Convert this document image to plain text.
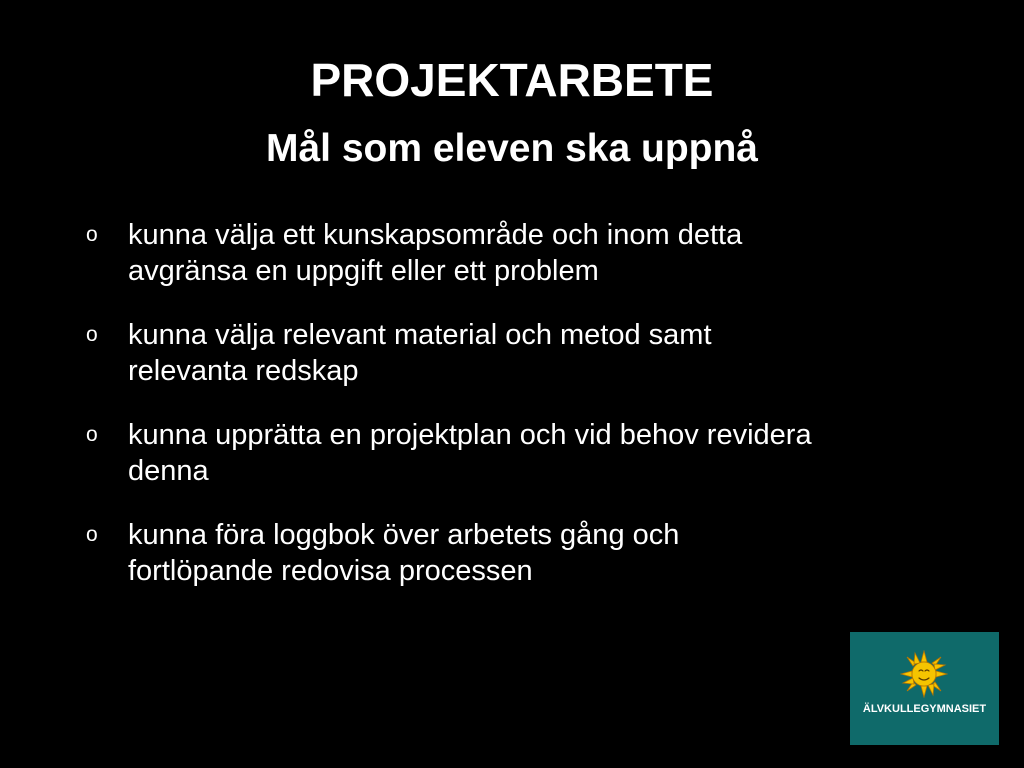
PROJEKTARBETE
Mål som eleven ska uppnå
o	kunna välja ett kunskapsområde och inom detta
avgränsa en uppgift eller ett problem
o	kunna välja relevant material och metod samt
relevanta redskap
o	kunna upprätta en projektplan och vid behov revidera
denna
o	kunna föra loggbok över arbetets gång och
fortlöpande redovisa processen
ÄLVKULLEGYMNASIET
